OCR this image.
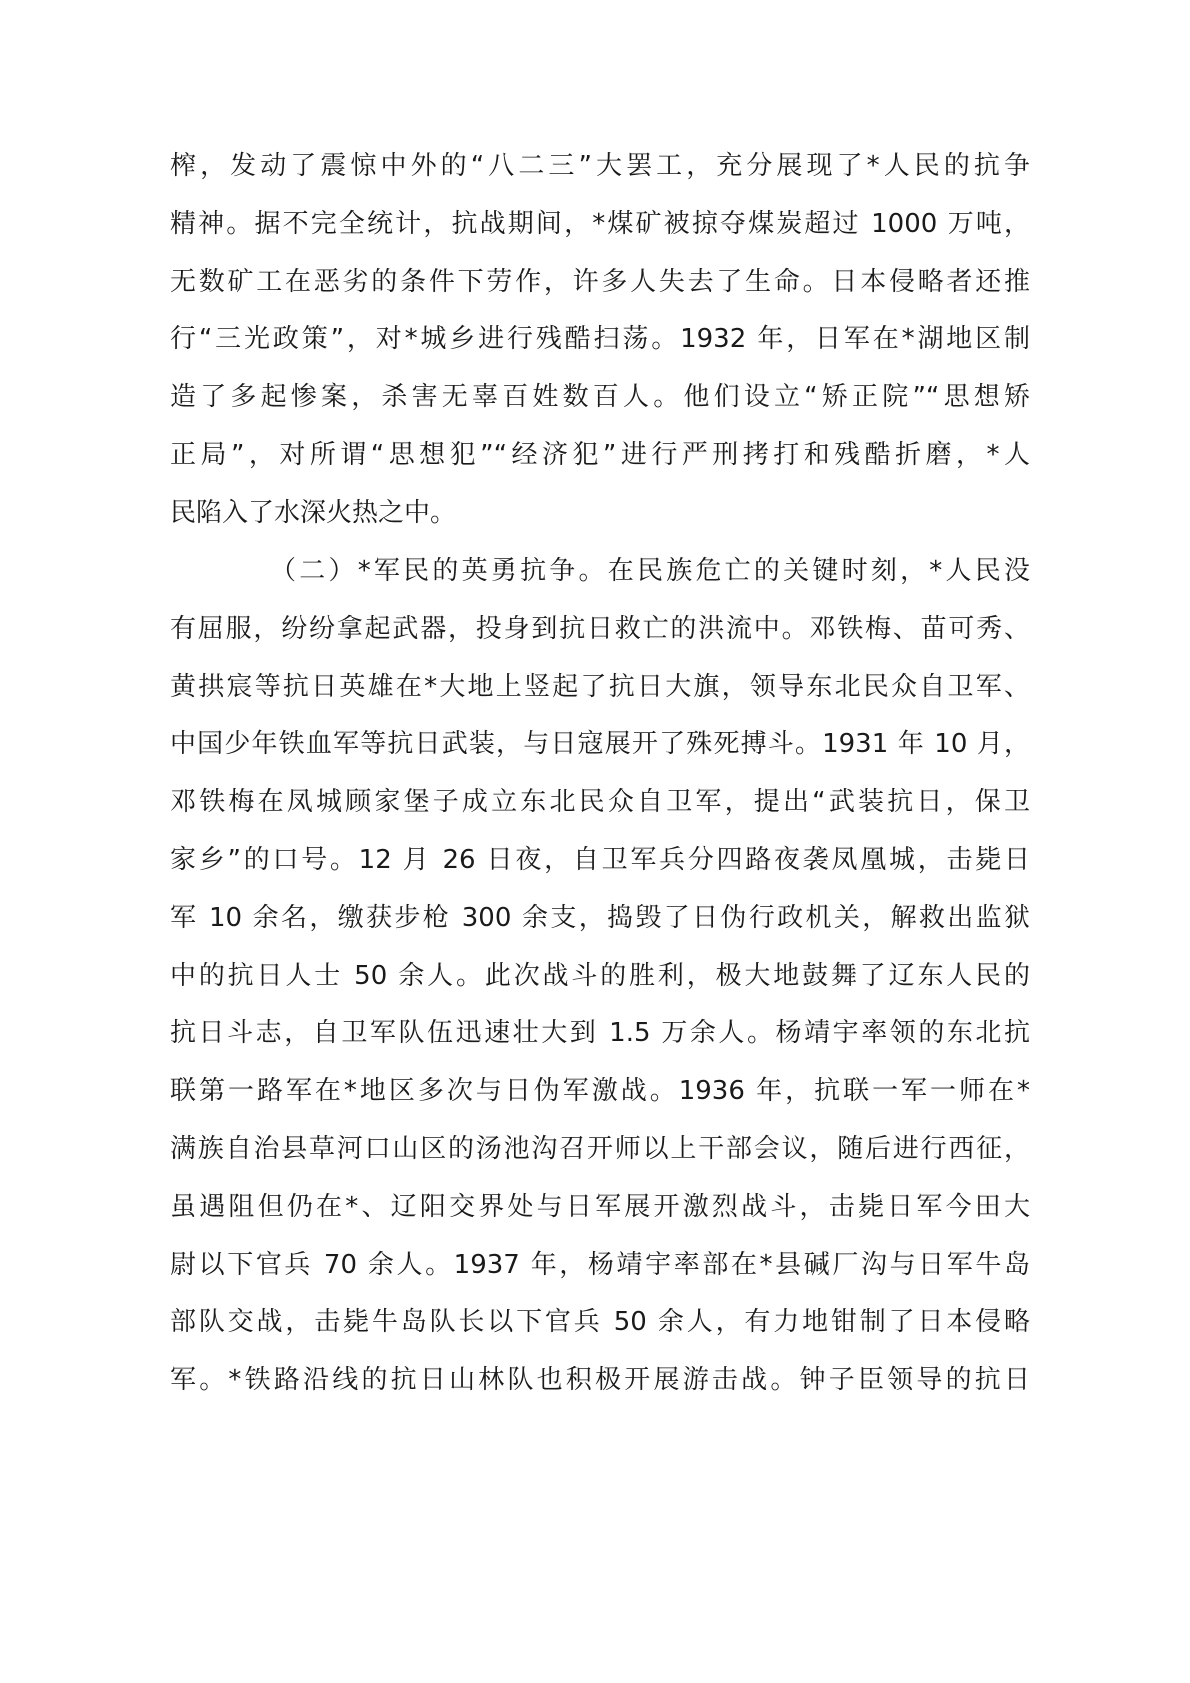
榨，发动了震惊中外的“八二三”大罢工，充分展现了*人民的抗争
精神。据不完全统计，抗战期间，*煤矿被掠夺煤炭超过 1000 万吨，
无数矿工在恶劣的条件下劳作，许多人失去了生命。日本侵略者还推
行“三光政策”，对*城乡进行残酷扫荡。1932 年，日军在*湖地区制
造了多起惨案，杀害无辜百姓数百人。他们设立“矫正院”“思想矫
正局”，对所谓“思想犯”“经济犯”进行严刑拷打和残酷折磨，*人
民陷入了水深火热之中。
（二）*军民的英勇抗争。在民族危亡的关键时刻，*人民没
有屈服，纷纷拿起武器，投身到抗日救亡的洪流中。邓铁梅、苗可秀、
黄拱宸等抗日英雄在*大地上竖起了抗日大旗，领导东北民众自卫军、
中国少年铁血军等抗日武装，与日寇展开了殊死搏斗。1931 年 10 月，
邓铁梅在凤城顾家堡子成立东北民众自卫军，提出“武装抗日，保卫
家乡”的口号。12 月 26 日夜，自卫军兵分四路夜袭凤凰城，击毙日
军 10 余名，缴获步枪 300 余支，捣毁了日伪行政机关，解救出监狱
中的抗日人士 50 余人。此次战斗的胜利，极大地鼓舞了辽东人民的
抗日斗志，自卫军队伍迅速壮大到 1.5 万余人。杨靖宇率领的东北抗
联第一路军在*地区多次与日伪军激战。1936 年，抗联一军一师在*
满族自治县草河口山区的汤池沟召开师以上干部会议，随后进行西征，
虽遇阻但仍在*、辽阳交界处与日军展开激烈战斗，击毙日军今田大
尉以下官兵 70 余人。1937 年，杨靖宇率部在*县碱厂沟与日军牛岛
部队交战，击毙牛岛队长以下官兵 50 余人，有力地钳制了日本侵略
军。*铁路沿线的抗日山林队也积极开展游击战。钟子臣领导的抗日
